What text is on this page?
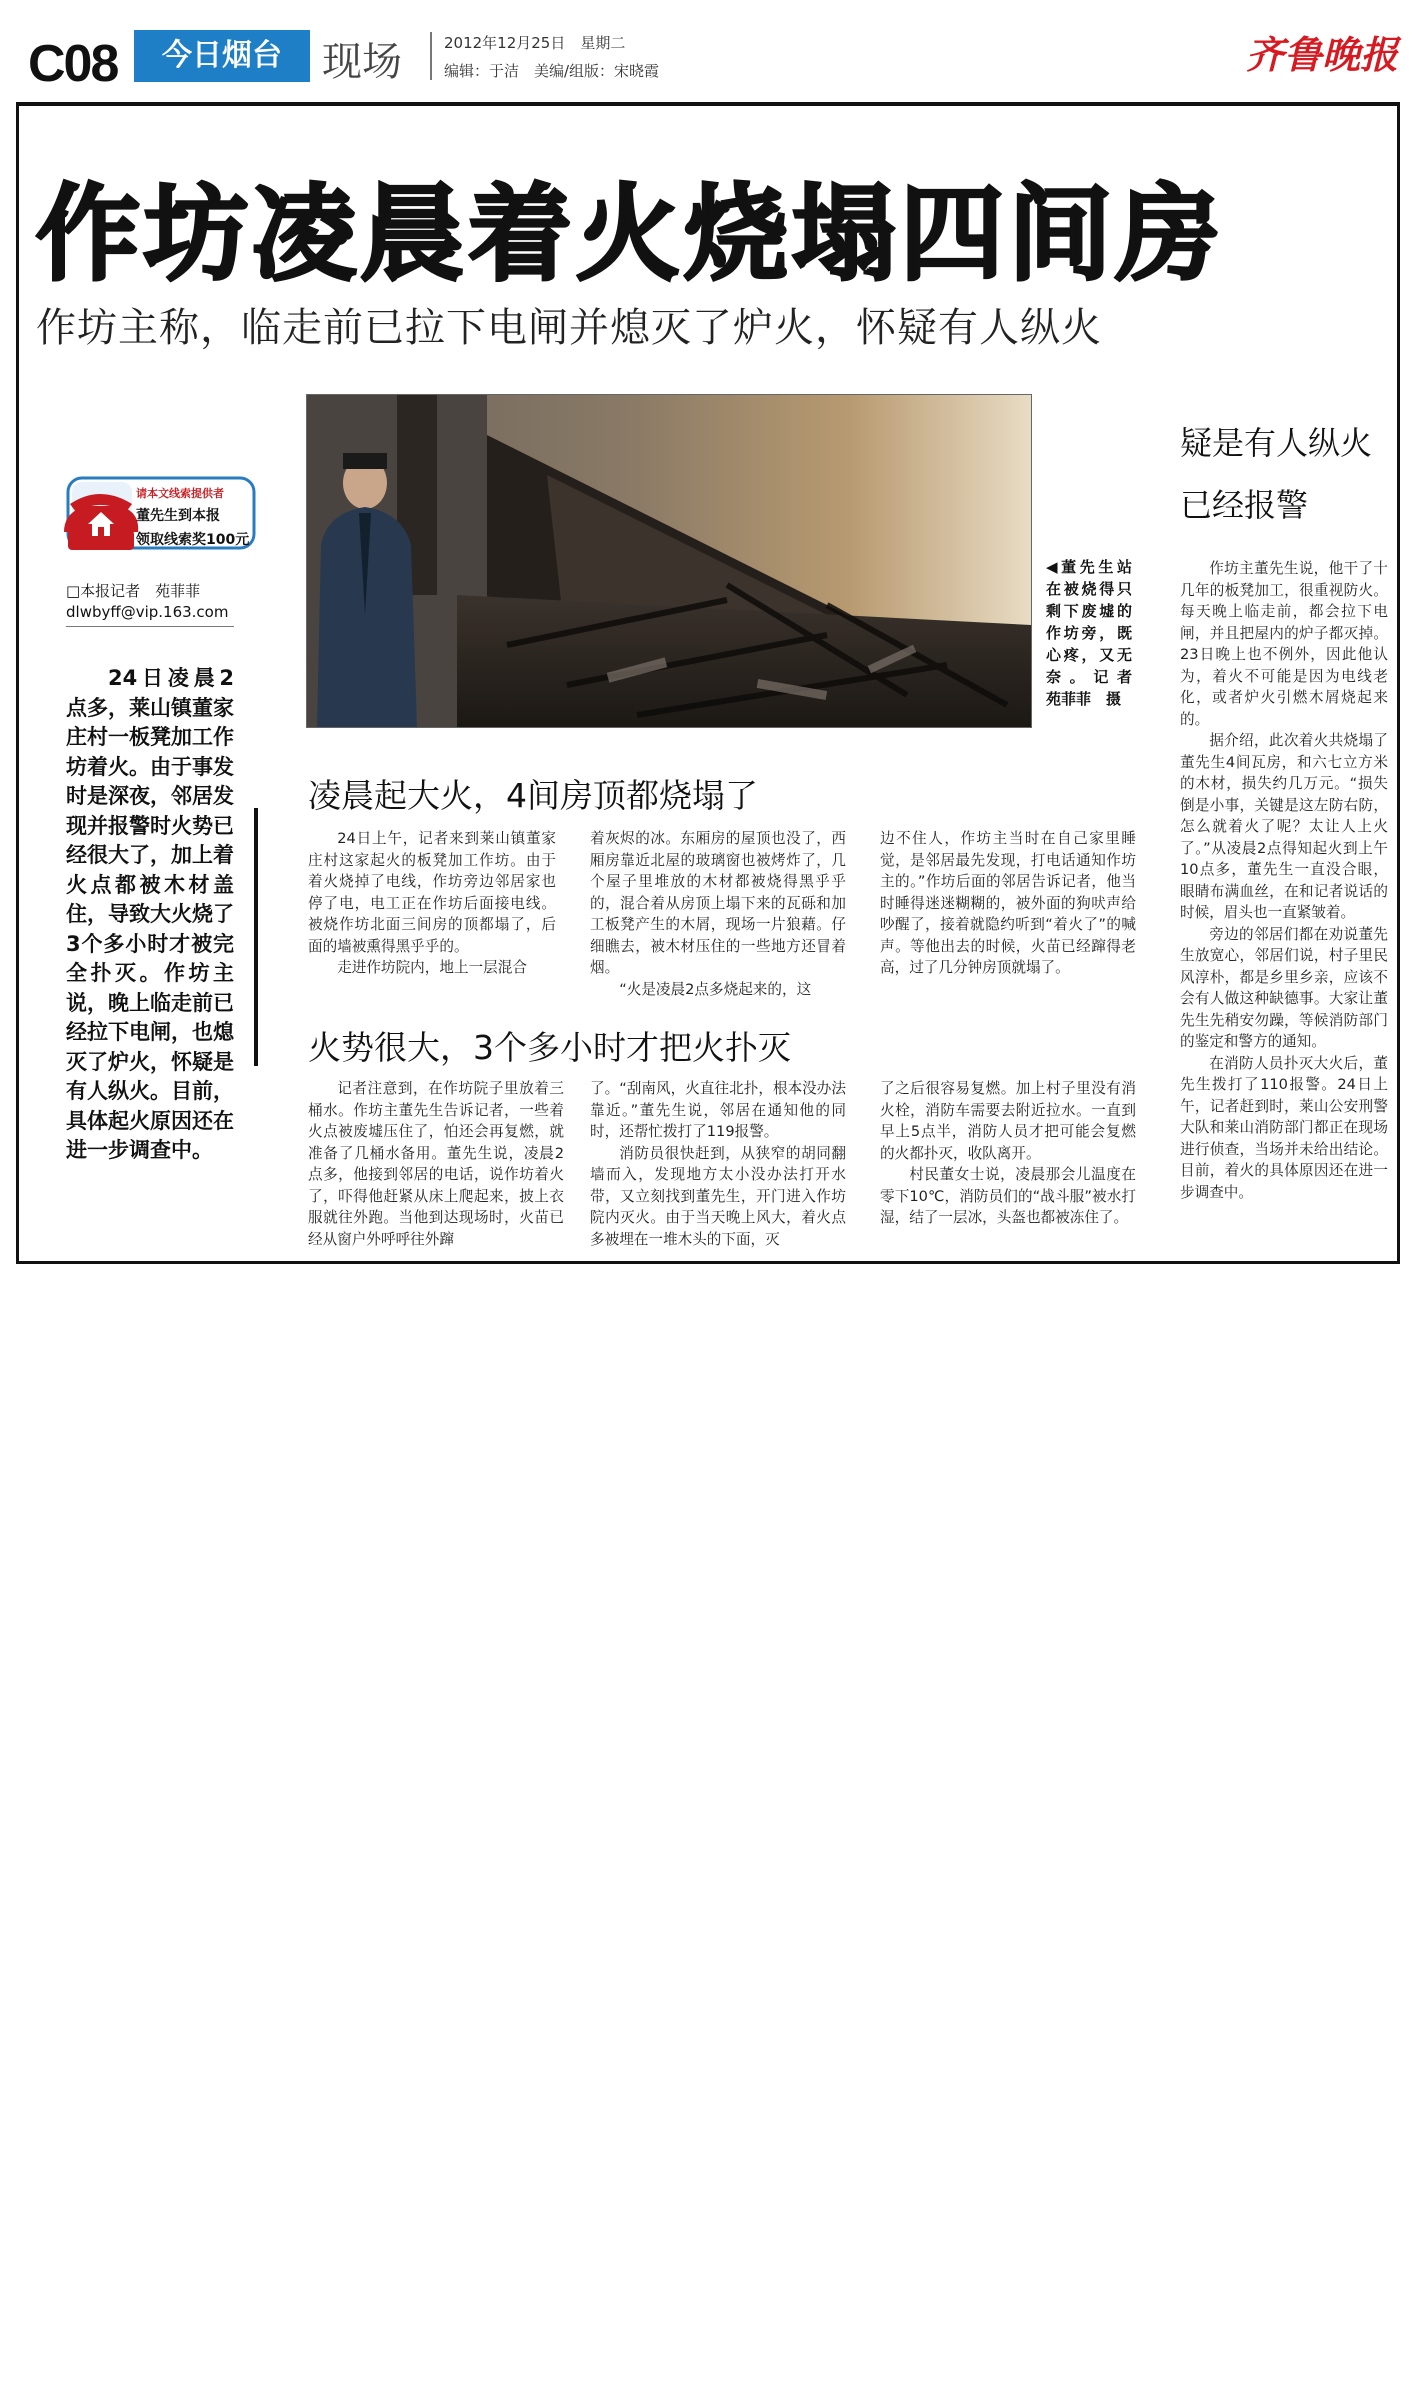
C08	今日烟台	现场	2012年12月25日　星期二
编辑：于洁　美编/组版：宋晓霞	齐鲁晚报
作坊凌晨着火烧塌四间房
作坊主称，临走前已拉下电闸并熄灭了炉火，怀疑有人纵火
◀董先生站在被烧得只剩下废墟的作坊旁，既心疼，又无奈。记者　苑菲菲　摄
请本文线索提供者
董先生到本报
领取线索奖100元
□本报记者　苑菲菲
dlwbyff@vip.163.com
24日凌晨2点多，莱山镇董家庄村一板凳加工作坊着火。由于事发时是深夜，邻居发现并报警时火势已经很大了，加上着火点都被木材盖住，导致大火烧了3个多小时才被完全扑灭。作坊主说，晚上临走前已经拉下电闸，也熄灭了炉火，怀疑是有人纵火。目前，具体起火原因还在进一步调查中。
凌晨起大火，4间房顶都烧塌了

24日上午，记者来到莱山镇董家庄村这家起火的板凳加工作坊。由于着火烧掉了电线，作坊旁边邻居家也停了电，电工正在作坊后面接电线。被烧作坊北面三间房的顶都塌了，后面的墙被熏得黑乎乎的。

走进作坊院内，地上一层混合

着灰烬的冰。东厢房的屋顶也没了，西厢房靠近北屋的玻璃窗也被烤炸了，几个屋子里堆放的木材都被烧得黑乎乎的，混合着从房顶上塌下来的瓦砾和加工板凳产生的木屑，现场一片狼藉。仔细瞧去，被木材压住的一些地方还冒着烟。

“火是凌晨2点多烧起来的，这

边不住人，作坊主当时在自己家里睡觉，是邻居最先发现，打电话通知作坊主的。”作坊后面的邻居告诉记者，他当时睡得迷迷糊糊的，被外面的狗吠声给吵醒了，接着就隐约听到“着火了”的喊声。等他出去的时候，火苗已经蹿得老高，过了几分钟房顶就塌了。

火势很大，3个多小时才把火扑灭

记者注意到，在作坊院子里放着三桶水。作坊主董先生告诉记者，一些着火点被废墟压住了，怕还会再复燃，就准备了几桶水备用。董先生说，凌晨2点多，他接到邻居的电话，说作坊着火了，吓得他赶紧从床上爬起来，披上衣服就往外跑。当他到达现场时，火苗已经从窗户外呼呼往外蹿

了。“刮南风，火直往北扑，根本没办法靠近。”董先生说，邻居在通知他的同时，还帮忙拨打了119报警。

消防员很快赶到，从狭窄的胡同翻墙而入，发现地方太小没办法打开水带，又立刻找到董先生，开门进入作坊院内灭火。由于当天晚上风大，着火点多被埋在一堆木头的下面，灭

了之后很容易复燃。加上村子里没有消火栓，消防车需要去附近拉水。一直到早上5点半，消防人员才把可能会复燃的火都扑灭，收队离开。

村民董女士说，凌晨那会儿温度在零下10℃，消防员们的“战斗服”被水打湿，结了一层冰，头盔也都被冻住了。

疑是有人纵火
已经报警

作坊主董先生说，他干了十几年的板凳加工，很重视防火。每天晚上临走前，都会拉下电闸，并且把屋内的炉子都灭掉。23日晚上也不例外，因此他认为，着火不可能是因为电线老化，或者炉火引燃木屑烧起来的。

据介绍，此次着火共烧塌了董先生4间瓦房，和六七立方米的木材，损失约几万元。“损失倒是小事，关键是这左防右防，怎么就着火了呢？太让人上火了。”从凌晨2点得知起火到上午10点多，董先生一直没合眼，眼睛布满血丝，在和记者说话的时候，眉头也一直紧皱着。

旁边的邻居们都在劝说董先生放宽心，邻居们说，村子里民风淳朴，都是乡里乡亲，应该不会有人做这种缺德事。大家让董先生先稍安勿躁，等候消防部门的鉴定和警方的通知。

在消防人员扑灭大火后，董先生拨打了110报警。24日上午，记者赶到时，莱山公安刑警大队和莱山消防部门都正在现场进行侦查，当场并未给出结论。目前，着火的具体原因还在进一步调查中。
